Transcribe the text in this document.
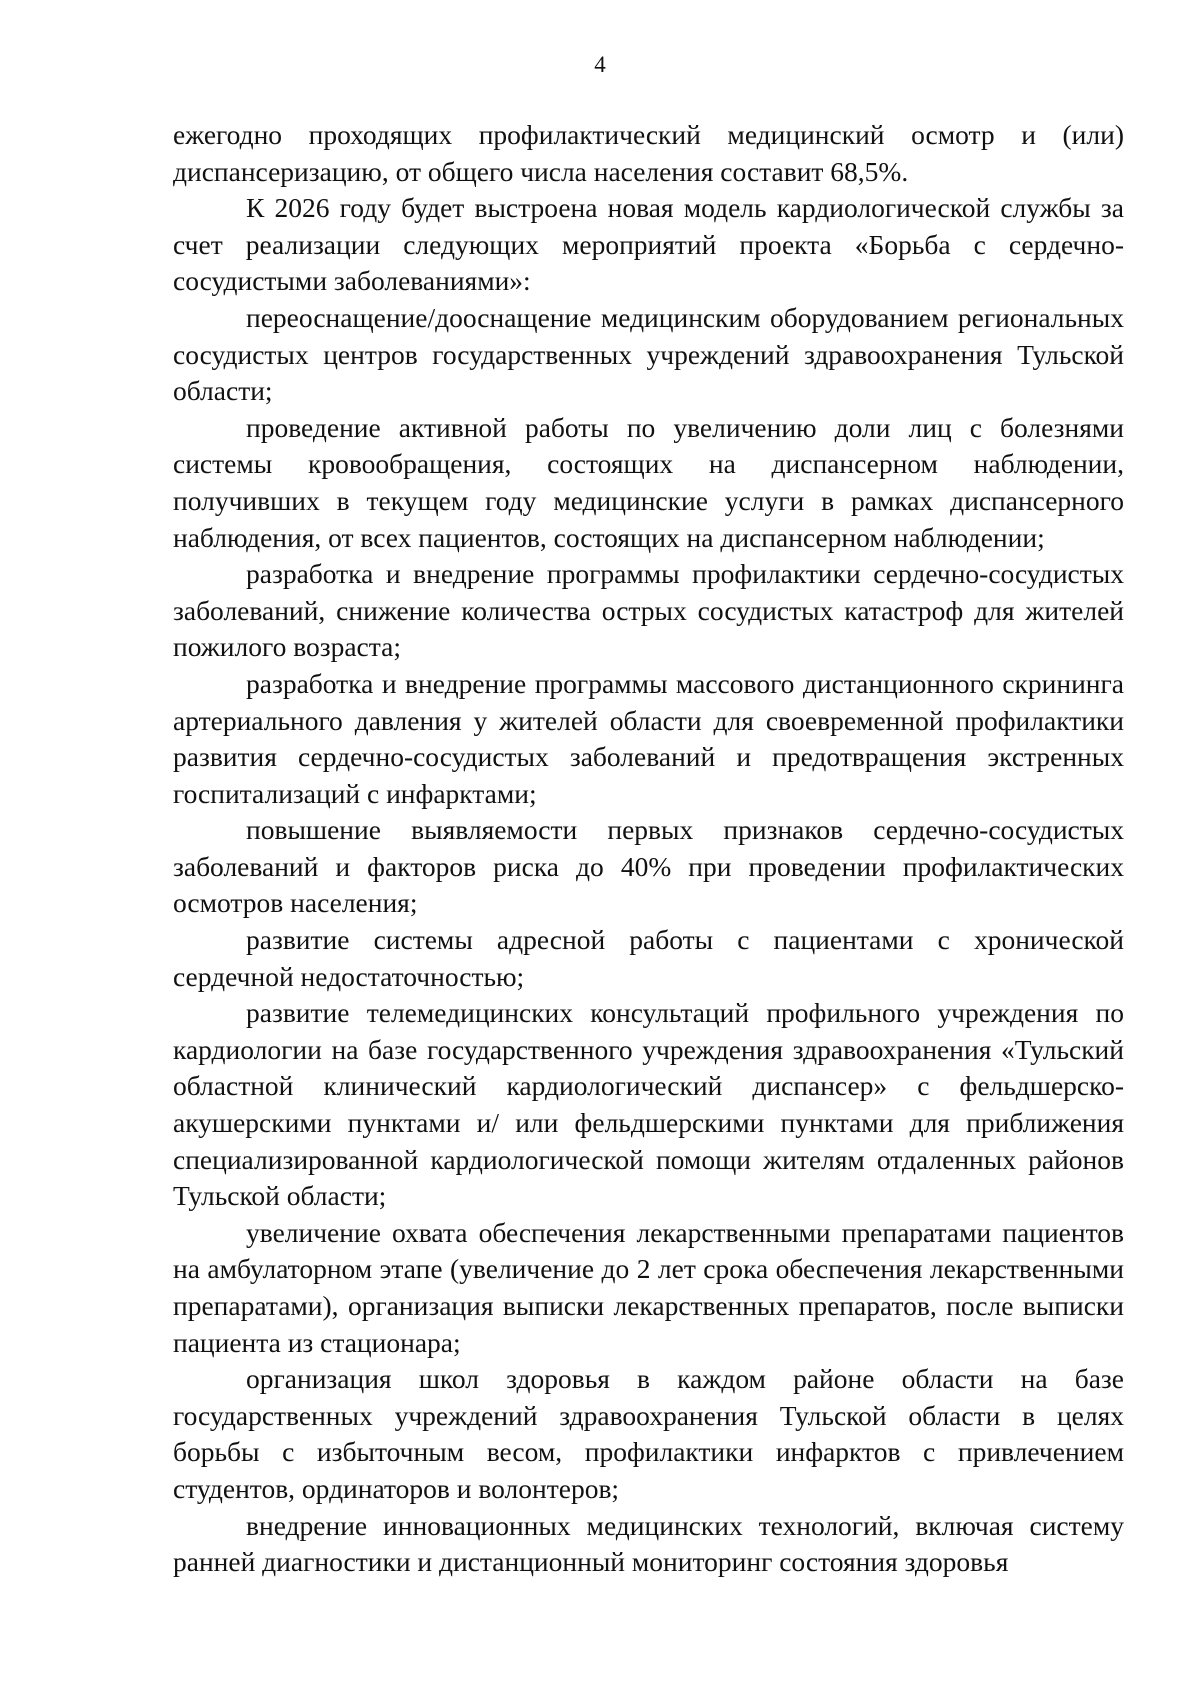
4

ежегодно проходящих профилактический медицинский осмотр и (или) диспансеризацию, от общего числа населения составит 68,5%.

К 2026 году будет выстроена новая модель кардиологической службы за счет реализации следующих мероприятий проекта «Борьба с сердечно-сосудистыми заболеваниями»:

переоснащение/дооснащение медицинским оборудованием региональных сосудистых центров государственных учреждений здравоохранения Тульской области;

проведение активной работы по увеличению доли лиц с болезнями системы кровообращения, состоящих на диспансерном наблюдении, получивших в текущем году медицинские услуги в рамках диспансерного наблюдения, от всех пациентов, состоящих на диспансерном наблюдении;

разработка и внедрение программы профилактики сердечно-сосудистых заболеваний, снижение количества острых сосудистых катастроф для жителей пожилого возраста;

разработка и внедрение программы массового дистанционного скрининга артериального давления у жителей области для своевременной профилактики развития сердечно-сосудистых заболеваний и предотвращения экстренных госпитализаций с инфарктами;

повышение выявляемости первых признаков сердечно-сосудистых заболеваний и факторов риска до 40% при проведении профилактических осмотров населения;

развитие системы адресной работы с пациентами с хронической сердечной недостаточностью;

развитие телемедицинских консультаций профильного учреждения по кардиологии на базе государственного учреждения здравоохранения «Тульский областной клинический кардиологический диспансер» с фельдшерско-акушерскими пунктами и/ или фельдшерскими пунктами для приближения специализированной кардиологической помощи жителям отдаленных районов Тульской области;

увеличение охвата обеспечения лекарственными препаратами пациентов на амбулаторном этапе (увеличение до 2 лет срока обеспечения лекарственными препаратами), организация выписки лекарственных препаратов, после выписки пациента из стационара;

организация школ здоровья в каждом районе области на базе государственных учреждений здравоохранения Тульской области в целях борьбы с избыточным весом, профилактики инфарктов с привлечением студентов, ординаторов и волонтеров;

внедрение инновационных медицинских технологий, включая систему ранней диагностики и дистанционный мониторинг состояния здоровья
